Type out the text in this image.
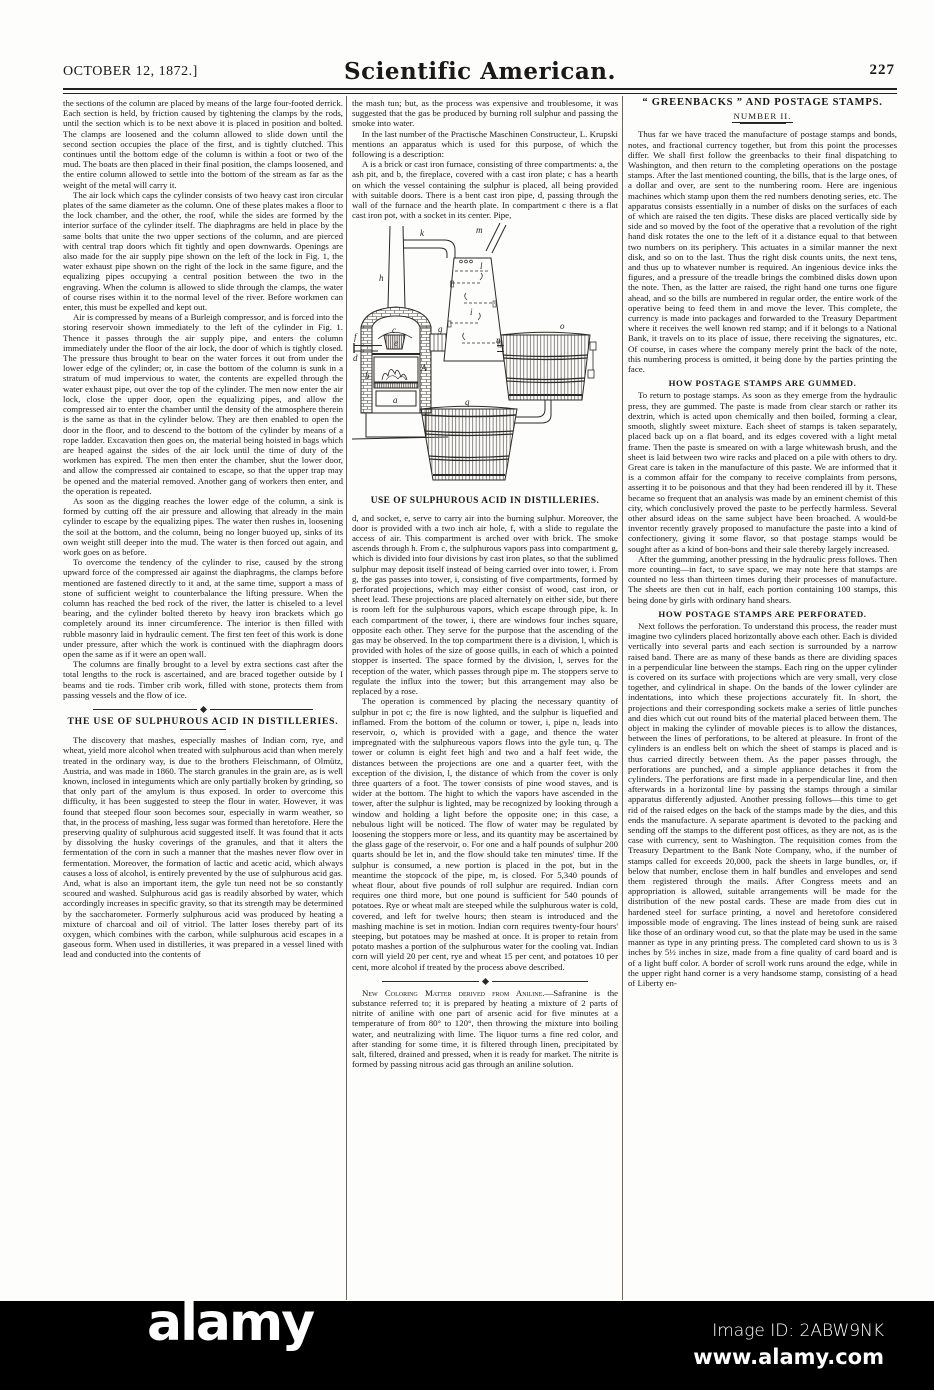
OCTOBER 12, 1872.]	Scientific American.	227

the sections of the column are placed by means of the large four-footed derrick. Each section is held, by friction caused by tightening the clamps by the rods, until the section which is to be next above it is placed in position and bolted. The clamps are loosened and the column allowed to slide down until the second section occupies the place of the first, and is tightly clutched. This continues until the bottom edge of the column is within a foot or two of the mud. The boats are then placed in their final position, the clamps loosened, and the entire column allowed to settle into the bottom of the stream as far as the weight of the metal will carry it.

The air lock which caps the cylinder consists of two heavy cast iron circular plates of the same diameter as the column. One of these plates makes a floor to the lock chamber, and the other, the roof, while the sides are formed by the interior surface of the cylinder itself. The diaphragms are held in place by the same bolts that unite the two upper sections of the column, and are pierced with central trap doors which fit tightly and open downwards. Openings are also made for the air supply pipe shown on the left of the lock in Fig. 1, the water exhaust pipe shown on the right of the lock in the same figure, and the equalizing pipes occupying a central position between the two in the engraving. When the column is allowed to slide through the clamps, the water of course rises within it to the normal level of the river. Before workmen can enter, this must be expelled and kept out.

Air is compressed by means of a Burleigh compressor, and is forced into the storing reservoir shown immediately to the left of the cylinder in Fig. 1. Thence it passes through the air supply pipe, and enters the column immediately under the floor of the air lock, the door of which is tightly closed. The pressure thus brought to bear on the water forces it out from under the lower edge of the cylinder; or, in case the bottom of the column is sunk in a stratum of mud impervious to water, the contents are expelled through the water exhaust pipe, out over the top of the cylinder. The men now enter the air lock, close the upper door, open the equalizing pipes, and allow the compressed air to enter the chamber until the density of the atmosphere therein is the same as that in the cylinder below. They are then enabled to open the door in the floor, and to descend to the bottom of the cylinder by means of a rope ladder. Excavation then goes on, the material being hoisted in bags which are heaped against the sides of the air lock until the time of duty of the workmen has expired. The men then enter the chamber, shut the lower door, and allow the compressed air contained to escape, so that the upper trap may be opened and the material removed. Another gang of workers then enter, and the operation is repeated.

As soon as the digging reaches the lower edge of the column, a sink is formed by cutting off the air pressure and allowing that already in the main cylinder to escape by the equalizing pipes. The water then rushes in, loosening the soil at the bottom, and the column, being no longer buoyed up, sinks of its own weight still deeper into the mud. The water is then forced out again, and work goes on as before.

To overcome the tendency of the cylinder to rise, caused by the strong upward force of the compressed air against the diaphragms, the clamps before mentioned are fastened directly to it and, at the same time, support a mass of stone of sufficient weight to counterbalance the lifting pressure. When the column has reached the bed rock of the river, the latter is chiseled to a level bearing, and the cylinder bolted thereto by heavy iron brackets which go completely around its inner circumference. The interior is then filled with rubble masonry laid in hydraulic cement. The first ten feet of this work is done under pressure, after which the work is continued with the diaphragm doors open the same as if it were an open wall.

The columns are finally brought to a level by extra sections cast after the total lengths to the rock is ascertained, and are braced together outside by I beams and tie rods. Timber crib work, filled with stone, protects them from passing vessels and the flow of ice.

THE USE OF SULPHUROUS ACID IN DISTILLERIES.

The discovery that mashes, especially mashes of Indian corn, rye, and wheat, yield more alcohol when treated with sulphurous acid than when merely treated in the ordinary way, is due to the brothers Fleischmann, of Olmütz, Austria, and was made in 1860. The starch granules in the grain are, as is well known, inclosed in integuments which are only partially broken by grinding, so that only part of the amylum is thus exposed. In order to overcome this difficulty, it has been suggested to steep the flour in water. However, it was found that steeped flour soon becomes sour, especially in warm weather, so that, in the process of mashing, less sugar was formed than heretofore. Here the preserving quality of sulphurous acid suggested itself. It was found that it acts by dissolving the husky coverings of the granules, and that it alters the fermentation of the corn in such a manner that the mashes never flow over in fermentation. Moreover, the formation of lactic and acetic acid, which always causes a loss of alcohol, is entirely prevented by the use of sulphurous acid gas. And, what is also an important item, the gyle tun need not be so constantly scoured and washed. Sulphurous acid gas is readily absorbed by water, which accordingly increases in specific gravity, so that its strength may be determined by the saccharometer. Formerly sulphurous acid was produced by heating a mixture of charcoal and oil of vitriol. The latter loses thereby part of its oxygen, which combines with the carbon, while sulphurous acid escapes in a gaseous form. When used in distilleries, it was prepared in a vessel lined with lead and conducted into the contents of

the mash tun; but, as the process was expensive and troublesome, it was suggested that the gas be produced by burning roll sulphur and passing the smoke into water.

In the last number of the Practische Maschinen Constructeur, L. Krupski mentions an apparatus which is used for this purpose, of which the following is a description:

A is a brick or cast iron furnace, consisting of three compartments: a, the ash pit, and b, the fireplace, covered with a cast iron plate; c has a hearth on which the vessel containing the sulphur is placed, all being provided with suitable doors. There is a bent cast iron pipe, d, passing through the wall of the furnace and the hearth plate. In compartment c there is a flat cast iron pot, with a socket in its center. Pipe,

h
k	m
l
i
g
c
e
f
d
b
a
A
n
o
q
USE OF SULPHUROUS ACID IN DISTILLERIES.

d, and socket, e, serve to carry air into the burning sulphur. Moreover, the door is provided with a two inch air hole, f, with a slide to regulate the access of air. This compartment is arched over with brick. The smoke ascends through h. From c, the sulphurous vapors pass into compartment g, which is divided into four divisions by cast iron plates, so that the sublimed sulphur may deposit itself instead of being carried over into tower, i. From g, the gas passes into tower, i, consisting of five compartments, formed by perforated projections, which may either consist of wood, cast iron, or sheet lead. These projections are placed alternately on either side, but there is room left for the sulphurous vapors, which escape through pipe, k. In each compartment of the tower, i, there are windows four inches square, opposite each other. They serve for the purpose that the ascending of the gas may be observed. In the top compartment there is a division, l, which is provided with holes of the size of goose quills, in each of which a pointed stopper is inserted. The space formed by the division, l, serves for the reception of the water, which passes through pipe m. The stoppers serve to regulate the influx into the tower; but this arrangement may also be replaced by a rose.

The operation is commenced by placing the necessary quantity of sulphur in pot c; the fire is now lighted, and the sulphur is liquefied and inflamed. From the bottom of the column or tower, i, pipe n, leads into reservoir, o, which is provided with a gage, and thence the water impregnated with the sulphureous vapors flows into the gyle tun, q. The tower or column is eight feet high and two and a half feet wide, the distances between the projections are one and a quarter feet, with the exception of the division, l, the distance of which from the cover is only three quarters of a foot. The tower consists of pine wood staves, and is wider at the bottom. The hight to which the vapors have ascended in the tower, after the sulphur is lighted, may be recognized by looking through a window and holding a light before the opposite one; in this case, a nebulous light will be noticed. The flow of water may be regulated by loosening the stoppers more or less, and its quantity may be ascertained by the glass gage of the reservoir, o. For one and a half pounds of sulphur 200 quarts should be let in, and the flow should take ten minutes' time. If the sulphur is consumed, a new portion is placed in the pot, but in the meantime the stopcock of the pipe, m, is closed. For 5,340 pounds of wheat flour, about five pounds of roll sulphur are required. Indian corn requires one third more, but one pound is sufficient for 540 pounds of potatoes. Rye or wheat malt are steeped while the sulphurous water is cold, covered, and left for twelve hours; then steam is introduced and the mashing machine is set in motion. Indian corn requires twenty-four hours' steeping, but potatoes may be mashed at once. It is proper to retain from potato mashes a portion of the sulphurous water for the cooling vat. Indian corn will yield 20 per cent, rye and wheat 15 per cent, and potatoes 10 per cent, more alcohol if treated by the process above described.

New Coloring Matter derived from Aniline.—Safranine is the substance referred to; it is prepared by heating a mixture of 2 parts of nitrite of aniline with one part of arsenic acid for five minutes at a temperature of from 80° to 120°, then throwing the mixture into boiling water, and neutralizing with lime. The liquor turns a fine red color, and after standing for some time, it is filtered through linen, precipitated by salt, filtered, drained and pressed, when it is ready for market. The nitrite is formed by passing nitrous acid gas through an aniline solution.

“ GREENBACKS ” AND POSTAGE STAMPS.
NUMBER II.

Thus far we have traced the manufacture of postage stamps and bonds, notes, and fractional currency together, but from this point the processes differ. We shall first follow the greenbacks to their final dispatching to Washington, and then return to the completing operations on the postage stamps. After the last mentioned counting, the bills, that is the large ones, of a dollar and over, are sent to the numbering room. Here are ingenious machines which stamp upon them the red numbers denoting series, etc. The apparatus consists essentially in a number of disks on the surfaces of each of which are raised the ten digits. These disks are placed vertically side by side and so moved by the foot of the operative that a revolution of the right hand disk rotates the one to the left of it a distance equal to that between two numbers on its periphery. This actuates in a similar manner the next disk, and so on to the last. Thus the right disk counts units, the next tens, and thus up to whatever number is required. An ingenious device inks the figures, and a pressure of the treadle brings the combined disks down upon the note. Then, as the latter are raised, the right hand one turns one figure ahead, and so the bills are numbered in regular order, the entire work of the operative being to feed them in and move the lever. This complete, the currency is made into packages and forwarded to the Treasury Department where it receives the well known red stamp; and if it belongs to a National Bank, it travels on to its place of issue, there receiving the signatures, etc. Of course, in cases where the company merely print the back of the note, this numbering process is omitted, it being done by the parties printing the face.

HOW POSTAGE STAMPS ARE GUMMED.

To return to postage stamps. As soon as they emerge from the hydraulic press, they are gummed. The paste is made from clear starch or rather its dextrin, which is acted upon chemically and then boiled, forming a clear, smooth, slightly sweet mixture. Each sheet of stamps is taken separately, placed back up on a flat board, and its edges covered with a light metal frame. Then the paste is smeared on with a large whitewash brush, and the sheet is laid between two wire racks and placed on a pile with others to dry. Great care is taken in the manufacture of this paste. We are informed that it is a common affair for the company to receive complaints from persons, asserting it to be poisonous and that they had been rendered ill by it. These became so frequent that an analysis was made by an eminent chemist of this city, which conclusively proved the paste to be perfectly harmless. Several other absurd ideas on the same subject have been broached. A would-be inventor recently gravely proposed to manufacture the paste into a kind of confectionery, giving it some flavor, so that postage stamps would be sought after as a kind of bon-bons and their sale thereby largely increased.

After the gumming, another pressing in the hydraulic press follows. Then more counting—in fact, to save space, we may note here that stamps are counted no less than thirteen times during their processes of manufacture. The sheets are then cut in half, each portion containing 100 stamps, this being done by girls with ordinary hand shears.

HOW POSTAGE STAMPS ARE PERFORATED.

Next follows the perforation. To understand this process, the reader must imagine two cylinders placed horizontally above each other. Each is divided vertically into several parts and each section is surrounded by a narrow raised band. There are as many of these bands as there are dividing spaces in a perpendicular line between the stamps. Each ring on the upper cylinder is covered on its surface with projections which are very small, very close together, and cylindrical in shape. On the bands of the lower cylinder are indentations, into which these projections accurately fit. In short, the projections and their corresponding sockets make a series of little punches and dies which cut out round bits of the material placed between them. The object in making the cylinder of movable pieces is to allow the distances, between the lines of perforations, to be altered at pleasure. In front of the cylinders is an endless belt on which the sheet of stamps is placed and is thus carried directly between them. As the paper passes through, the perforations are punched, and a simple appliance detaches it from the cylinders. The perforations are first made in a perpendicular line, and then afterwards in a horizontal line by passing the stamps through a similar apparatus differently adjusted. Another pressing follows—this time to get rid of the raised edges on the back of the stamps made by the dies, and this ends the manufacture. A separate apartment is devoted to the packing and sending off the stamps to the different post offices, as they are not, as is the case with currency, sent to Washington. The requisition comes from the Treasury Department to the Bank Note Company, who, if the number of stamps called for exceeds 20,000, pack the sheets in large bundles, or, if below that number, enclose them in half bundles and envelopes and send them registered through the mails. After Congress meets and an appropriation is allowed, suitable arrangements will be made for the distribution of the new postal cards. These are made from dies cut in hardened steel for surface printing, a novel and heretofore considered impossible mode of engraving. The lines instead of being sunk are raised like those of an ordinary wood cut, so that the plate may be used in the same manner as type in any printing press. The completed card shown to us is 3 inches by 5½ inches in size, made from a fine quality of card board and is of a light buff color. A border of scroll work runs around the edge, while in the upper right hand corner is a very handsome stamp, consisting of a head of Liberty en-

alamy	Image ID: 2ABW9NK
www.alamy.com
